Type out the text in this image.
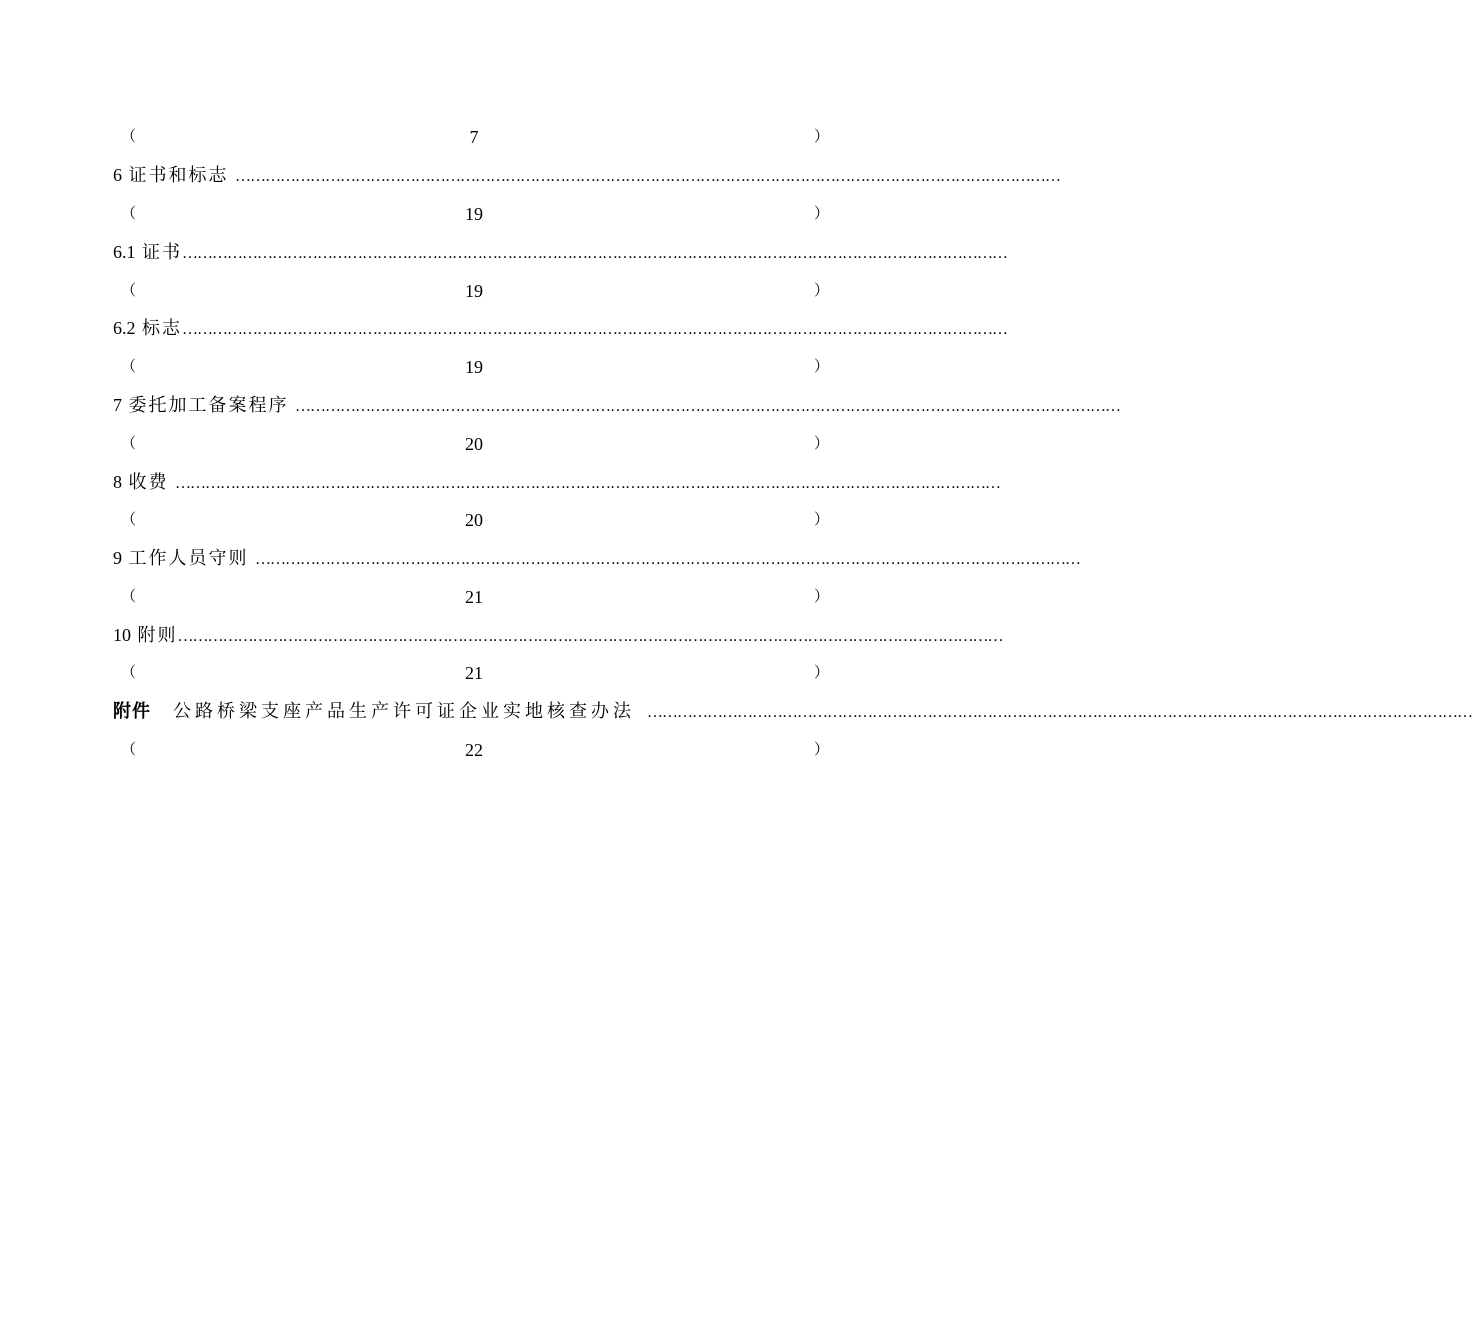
（	7	）
6 证书和标志 …………………………………………………………………………………………………………………………………………………
（	19	）
6.1 证书 …………………………………………………………………………………………………………………………………………………
（	19	）
6.2 标志 …………………………………………………………………………………………………………………………………………………
（	19	）
7 委托加工备案程序 …………………………………………………………………………………………………………………………………………………
（	20	）
8 收费 …………………………………………………………………………………………………………………………………………………
（	20	）
9 工作人员守则 …………………………………………………………………………………………………………………………………………………
（	21	）
10 附则 …………………………………………………………………………………………………………………………………………………
（	21	）
附件 公路桥梁支座产品生产许可证企业实地核查办法 …………………………………………………………………………………………………………………………………………………
（	22	）
